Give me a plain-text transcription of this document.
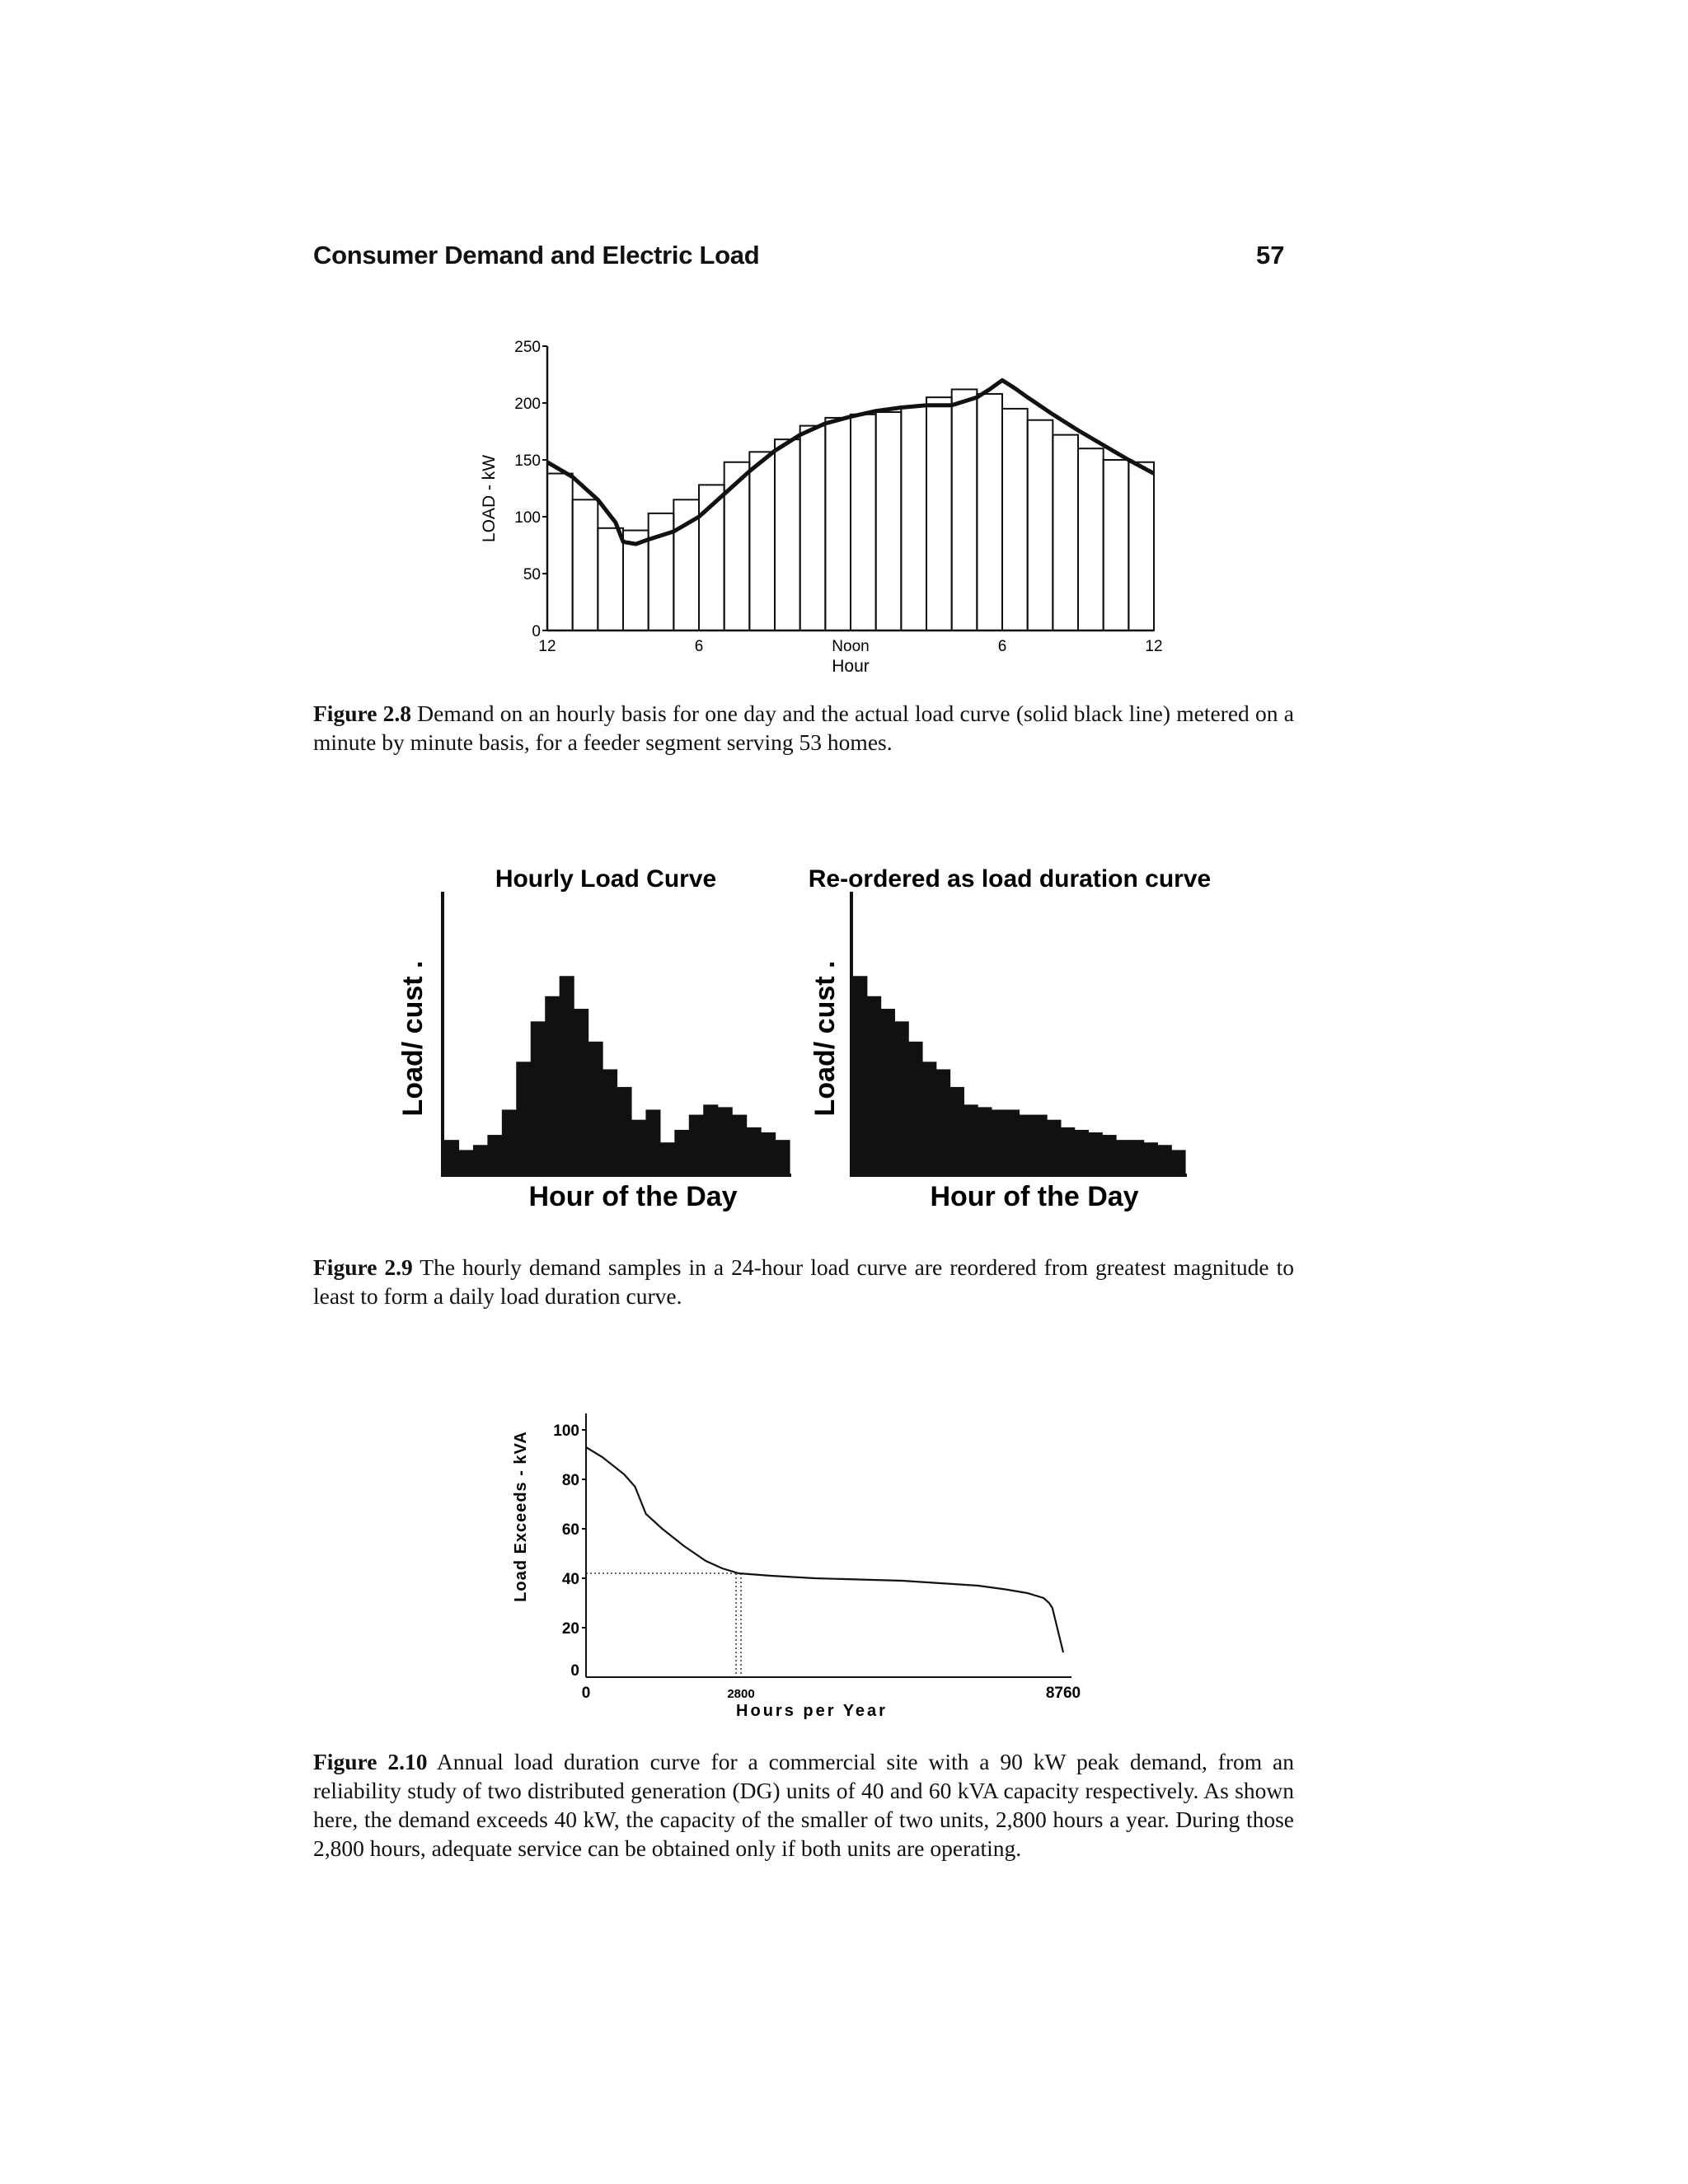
Consumer Demand and Electric Load	57
LOAD - kW
0
50
100
150
200
250
12	6	Noon	6	12
Hour
Figure 2.8 Demand on an hourly basis for one day and the actual load curve (solid black line) metered on a minute by minute basis, for a feeder segment serving 53 homes.
Hourly Load Curve	Re-ordered as load duration curve
Load/ cust .	Load/ cust .
Hour of the Day	Hour of the Day
Figure 2.9 The hourly demand samples in a 24-hour load curve are reordered from greatest magnitude to least to form a daily load duration curve.
Load Exceeds - kVA
0
20
40
60
80
100
0	2800	8760
Hours per Year
Figure 2.10 Annual load duration curve for a commercial site with a 90 kW peak demand, from an reliability study of two distributed generation (DG) units of 40 and 60 kVA capacity respectively. As shown here, the demand exceeds 40 kW, the capacity of the smaller of two units, 2,800 hours a year. During those 2,800 hours, adequate service can be obtained only if both units are operating.
